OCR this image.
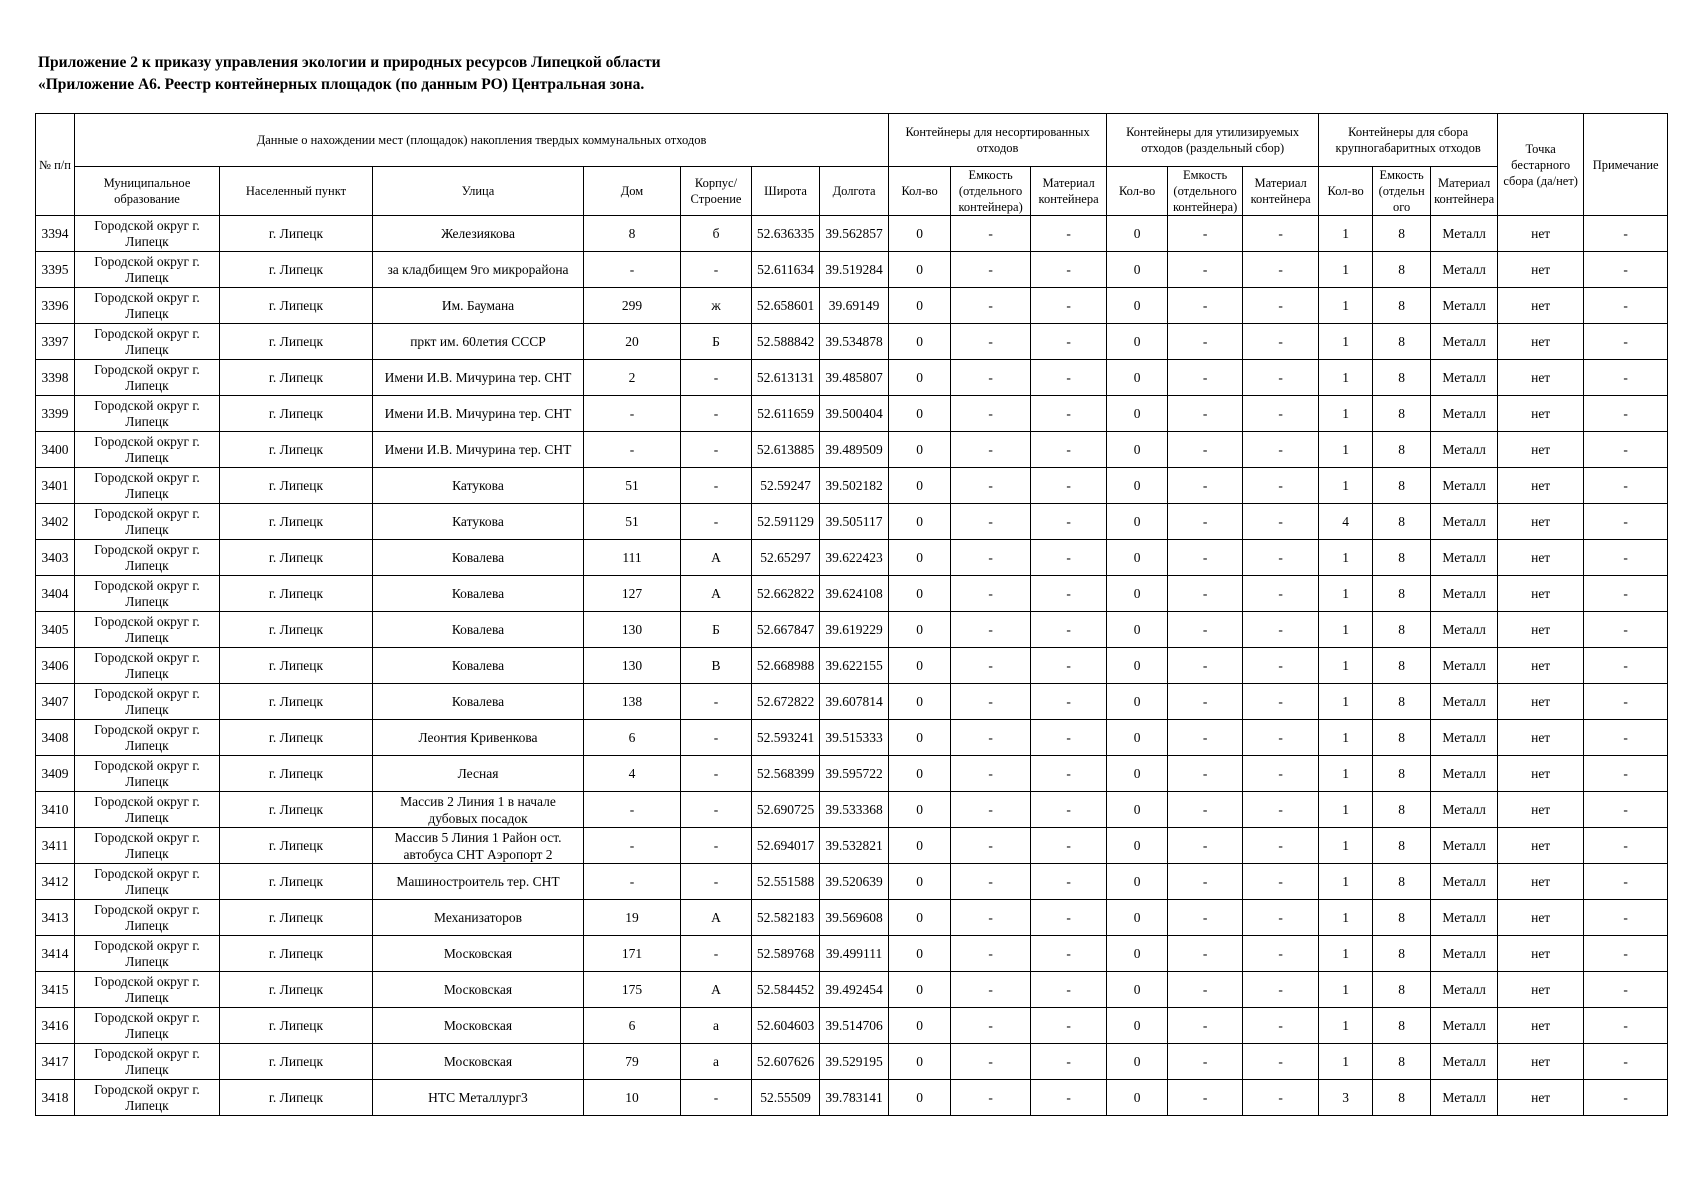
Приложение 2 к приказу управления экологии и природных ресурсов Липецкой области
«Приложение А6. Реестр контейнерных площадок (по данным РО) Центральная зона.
№ п/п	Данные о нахождении мест (площадок) накопления твердых коммунальных отходов							Контейнеры для несортированных отходов			Контейнеры для утилизируемых отходов (раздельный сбор)			Контейнеры для сбора крупногабаритных отходов			Точка бестарного сбора (да/нет)	Примечание
	Муниципальное образование	Населенный пункт	Улица	Дом	Корпус/ Строение	Широта	Долгота	Кол-во	Емкость (отдельного контейнера)	Материал контейнера	Кол-во	Емкость (отдельного контейнера)	Материал контейнера	Кол-во	Емкость (отдельн ого	Материал контейнера		
3394	Городской округ г. Липецк	г. Липецк	Железиякова	8	б	52.636335	39.562857	0	-	-	0	-	-	1	8	Металл	нет	-
3395	Городской округ г. Липецк	г. Липецк	за кладбищем 9го микрорайона	-	-	52.611634	39.519284	0	-	-	0	-	-	1	8	Металл	нет	-
3396	Городской округ г. Липецк	г. Липецк	Им. Баумана	299	ж	52.658601	39.69149	0	-	-	0	-	-	1	8	Металл	нет	-
3397	Городской округ г. Липецк	г. Липецк	пркт им. 60летия СССР	20	Б	52.588842	39.534878	0	-	-	0	-	-	1	8	Металл	нет	-
3398	Городской округ г. Липецк	г. Липецк	Имени И.В. Мичурина тер. СНТ	2	-	52.613131	39.485807	0	-	-	0	-	-	1	8	Металл	нет	-
3399	Городской округ г. Липецк	г. Липецк	Имени И.В. Мичурина тер. СНТ	-	-	52.611659	39.500404	0	-	-	0	-	-	1	8	Металл	нет	-
3400	Городской округ г. Липецк	г. Липецк	Имени И.В. Мичурина тер. СНТ	-	-	52.613885	39.489509	0	-	-	0	-	-	1	8	Металл	нет	-
3401	Городской округ г. Липецк	г. Липецк	Катукова	51	-	52.59247	39.502182	0	-	-	0	-	-	1	8	Металл	нет	-
3402	Городской округ г. Липецк	г. Липецк	Катукова	51	-	52.591129	39.505117	0	-	-	0	-	-	4	8	Металл	нет	-
3403	Городской округ г. Липецк	г. Липецк	Ковалева	111	А	52.65297	39.622423	0	-	-	0	-	-	1	8	Металл	нет	-
3404	Городской округ г. Липецк	г. Липецк	Ковалева	127	А	52.662822	39.624108	0	-	-	0	-	-	1	8	Металл	нет	-
3405	Городской округ г. Липецк	г. Липецк	Ковалева	130	Б	52.667847	39.619229	0	-	-	0	-	-	1	8	Металл	нет	-
3406	Городской округ г. Липецк	г. Липецк	Ковалева	130	В	52.668988	39.622155	0	-	-	0	-	-	1	8	Металл	нет	-
3407	Городской округ г. Липецк	г. Липецк	Ковалева	138	-	52.672822	39.607814	0	-	-	0	-	-	1	8	Металл	нет	-
3408	Городской округ г. Липецк	г. Липецк	Леонтия Кривенкова	6	-	52.593241	39.515333	0	-	-	0	-	-	1	8	Металл	нет	-
3409	Городской округ г. Липецк	г. Липецк	Лесная	4	-	52.568399	39.595722	0	-	-	0	-	-	1	8	Металл	нет	-
3410	Городской округ г. Липецк	г. Липецк	Массив 2 Линия 1 в начале дубовых посадок	-	-	52.690725	39.533368	0	-	-	0	-	-	1	8	Металл	нет	-
3411	Городской округ г. Липецк	г. Липецк	Массив 5 Линия 1 Район ост. автобуса СНТ Аэропорт 2	-	-	52.694017	39.532821	0	-	-	0	-	-	1	8	Металл	нет	-
3412	Городской округ г. Липецк	г. Липецк	Машиностроитель тер. СНТ	-	-	52.551588	39.520639	0	-	-	0	-	-	1	8	Металл	нет	-
3413	Городской округ г. Липецк	г. Липецк	Механизаторов	19	А	52.582183	39.569608	0	-	-	0	-	-	1	8	Металл	нет	-
3414	Городской округ г. Липецк	г. Липецк	Московская	171	-	52.589768	39.499111	0	-	-	0	-	-	1	8	Металл	нет	-
3415	Городской округ г. Липецк	г. Липецк	Московская	175	А	52.584452	39.492454	0	-	-	0	-	-	1	8	Металл	нет	-
3416	Городской округ г. Липецк	г. Липецк	Московская	6	а	52.604603	39.514706	0	-	-	0	-	-	1	8	Металл	нет	-
3417	Городской округ г. Липецк	г. Липецк	Московская	79	а	52.607626	39.529195	0	-	-	0	-	-	1	8	Металл	нет	-
3418	Городской округ г. Липецк	г. Липецк	НТС Металлург3	10	-	52.55509	39.783141	0	-	-	0	-	-	3	8	Металл	нет	-
